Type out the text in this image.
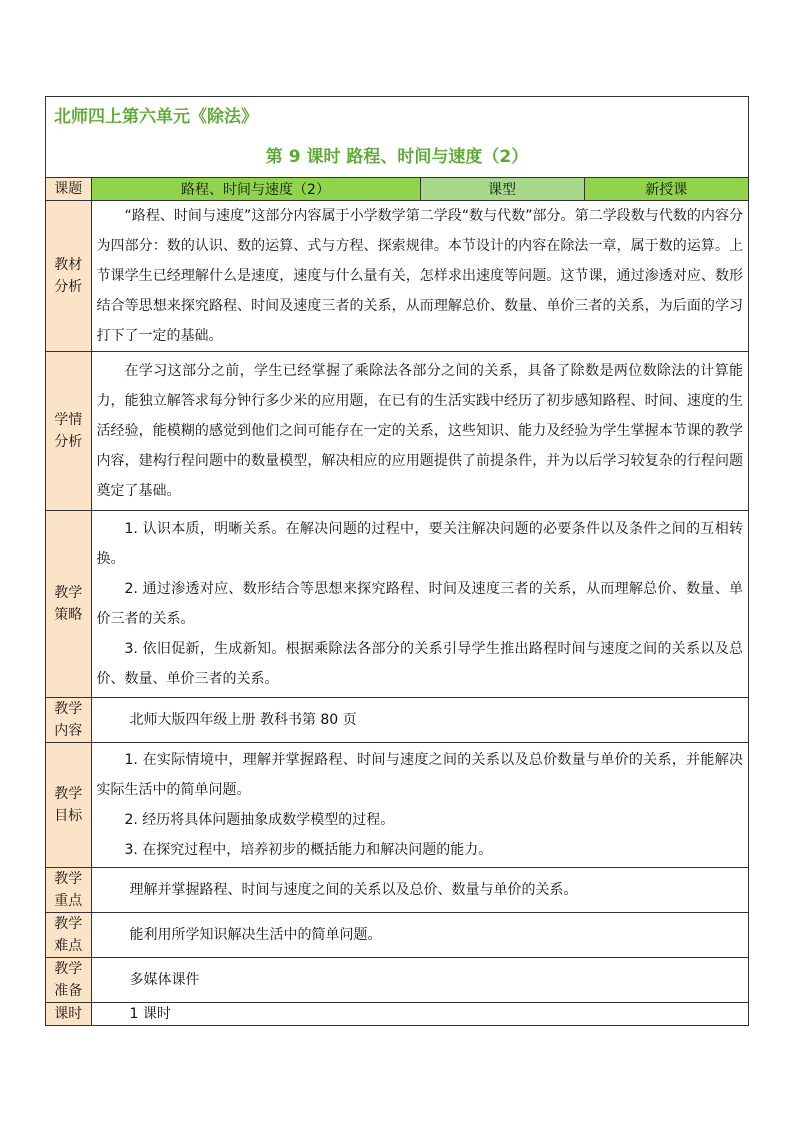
北师四上第六单元《除法》
第 9 课时 路程、时间与速度（2）
课题	路程、时间与速度（2）	课型	新授课
教材分析	“路程、时间与速度”这部分内容属于小学数学第二学段“数与代数”部分。第二学段数与代数的内容分为四部分：数的认识、数的运算、式与方程、探索规律。本节设计的内容在除法一章，属于数的运算。上节课学生已经理解什么是速度，速度与什么量有关，怎样求出速度等问题。这节课，通过渗透对应、数形结合等思想来探究路程、时间及速度三者的关系，从而理解总价、数量、单价三者的关系，为后面的学习打下了一定的基础。		

学情分析	在学习这部分之前，学生已经掌握了乘除法各部分之间的关系，具备了除数是两位数除法的计算能力，能独立解答求每分钟行多少米的应用题，在已有的生活实践中经历了初步感知路程、时间、速度的生活经验，能模糊的感觉到他们之间可能存在一定的关系，这些知识、能力及经验为学生掌握本节课的教学内容，建构行程问题中的数量模型，解决相应的应用题提供了前提条件，并为以后学习较复杂的行程问题奠定了基础。		

教学策略	1. 认识本质，明晰关系。在解决问题的过程中，要关注解决问题的必要条件以及条件之间的互相转换。

2. 通过渗透对应、数形结合等思想来探究路程、时间及速度三者的关系，从而理解总价、数量、单价三者的关系。

3. 依旧促新，生成新知。根据乘除法各部分的关系引导学生推出路程时间与速度之间的关系以及总价、数量、单价三者的关系。		

教学内容	北师大版四年级上册 教科书第 80 页		

教学目标	1. 在实际情境中，理解并掌握路程、时间与速度之间的关系以及总价数量与单价的关系，并能解决实际生活中的简单问题。

2. 经历将具体问题抽象成数学模型的过程。

3. 在探究过程中，培养初步的概括能力和解决问题的能力。		

教学重点	理解并掌握路程、时间与速度之间的关系以及总价、数量与单价的关系。		

教学难点	能利用所学知识解决生活中的简单问题。		

教学准备	多媒体课件		

课时	1 课时		
